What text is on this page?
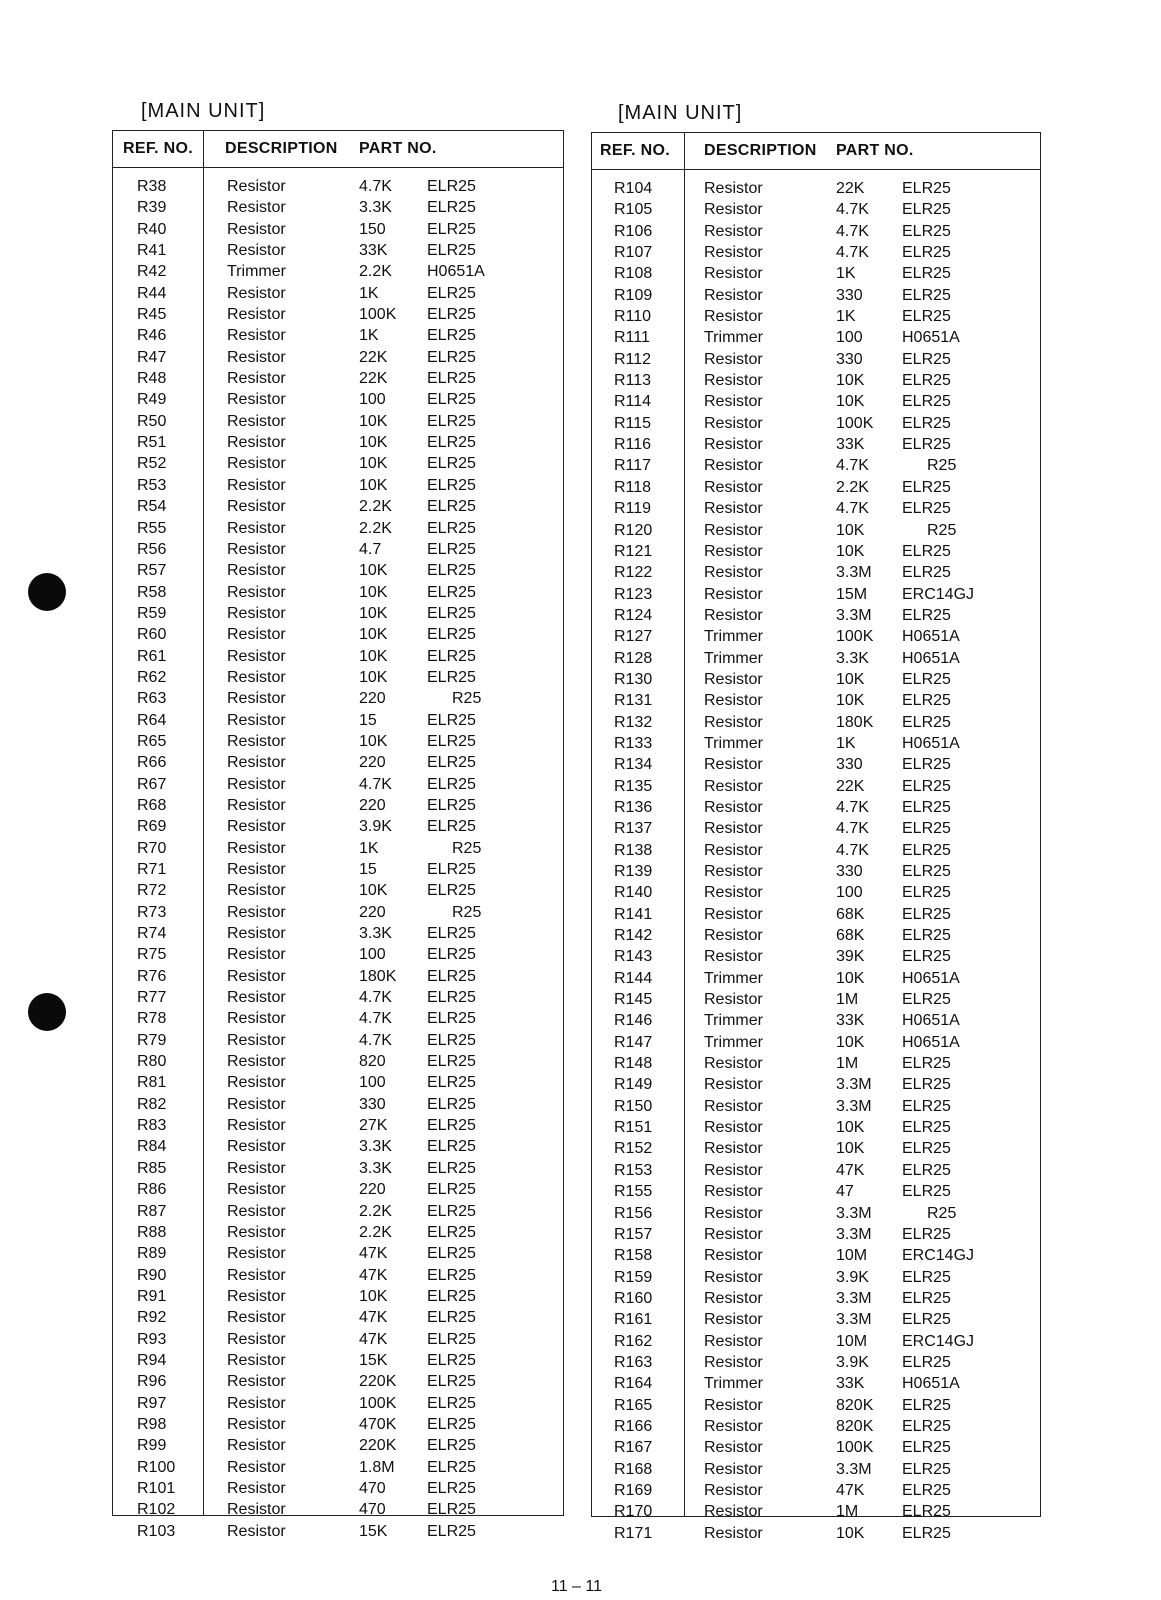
[MAIN UNIT]
REF. NO. DESCRIPTION PART NO.
R38	Resistor	4.7K ELR25
R39	Resistor	3.3K ELR25
R40	Resistor	150	ELR25
R41	Resistor	33K ELR25
R42	Trimmer	2.2K H0651A
R44	Resistor	1K	ELR25
R45	Resistor	100K ELR25
R46	Resistor	1K	ELR25
R47	Resistor	22K ELR25
R48	Resistor	22K ELR25
R49	Resistor	100	ELR25
R50	Resistor	10K ELR25
R51	Resistor	10K ELR25
R52	Resistor	10K ELR25
R53	Resistor	10K ELR25
R54	Resistor	2.2K ELR25
R55	Resistor	2.2K ELR25
R56	Resistor	4.7	ELR25
R57	Resistor	10K ELR25
R58	Resistor	10K ELR25
R59	Resistor	10K ELR25
R60	Resistor	10K ELR25
R61	Resistor	10K ELR25
R62	Resistor	10K ELR25
R63	Resistor	220	R25
R64	Resistor	15	ELR25
R65	Resistor	10K ELR25
R66	Resistor	220	ELR25
R67	Resistor	4.7K ELR25
R68	Resistor	220	ELR25
R69	Resistor	3.9K ELR25
R70	Resistor	1K	R25
R71	Resistor	15	ELR25
R72	Resistor	10K ELR25
R73	Resistor	220	R25
R74	Resistor	3.3K ELR25
R75	Resistor	100	ELR25
R76	Resistor	180K ELR25
R77	Resistor	4.7K ELR25
R78	Resistor	4.7K ELR25
R79	Resistor	4.7K ELR25
R80	Resistor	820	ELR25
R81	Resistor	100	ELR25
R82	Resistor	330	ELR25
R83	Resistor	27K ELR25
R84	Resistor	3.3K ELR25
R85	Resistor	3.3K ELR25
R86	Resistor	220	ELR25
R87	Resistor	2.2K ELR25
R88	Resistor	2.2K ELR25
R89	Resistor	47K ELR25
R90	Resistor	47K ELR25
R91	Resistor	10K ELR25
R92	Resistor	47K ELR25
R93	Resistor	47K ELR25
R94	Resistor	15K ELR25
R96	Resistor	220K ELR25
R97	Resistor	100K ELR25
R98	Resistor	470K ELR25
R99	Resistor	220K ELR25
R100	Resistor	1.8M ELR25
R101	Resistor	470	ELR25
R102	Resistor	470	ELR25
R103	Resistor	15K ELR25
[MAIN UNIT]
REF. NO. DESCRIPTION PART NO.
R104	Resistor	22K ELR25
R105	Resistor	4.7K ELR25
R106	Resistor	4.7K ELR25
R107	Resistor	4.7K ELR25
R108	Resistor	1K	ELR25
R109	Resistor	330 ELR25
R110	Resistor	1K	ELR25
R111	Trimmer	100 H0651A
R112	Resistor	330 ELR25
R113	Resistor	10K ELR25
R114	Resistor	10K ELR25
R115	Resistor	100K ELR25
R116	Resistor	33K ELR25
R117	Resistor	4.7K	R25
R118	Resistor	2.2K ELR25
R119	Resistor	4.7K ELR25
R120	Resistor	10K	R25
R121	Resistor	10K ELR25
R122	Resistor	3.3M ELR25
R123	Resistor	15M ERC14GJ
R124	Resistor	3.3M ELR25
R127	Trimmer	100K H0651A
R128	Trimmer	3.3K H0651A
R130	Resistor	10K ELR25
R131	Resistor	10K ELR25
R132	Resistor	180K ELR25
R133	Trimmer	1K	H0651A
R134	Resistor	330 ELR25
R135	Resistor	22K ELR25
R136	Resistor	4.7K ELR25
R137	Resistor	4.7K ELR25
R138	Resistor	4.7K ELR25
R139	Resistor	330 ELR25
R140	Resistor	100 ELR25
R141	Resistor	68K ELR25
R142	Resistor	68K ELR25
R143	Resistor	39K ELR25
R144	Trimmer	10K H0651A
R145	Resistor	1M	ELR25
R146	Trimmer	33K H0651A
R147	Trimmer	10K H0651A
R148	Resistor	1M	ELR25
R149	Resistor	3.3M ELR25
R150	Resistor	3.3M ELR25
R151	Resistor	10K ELR25
R152	Resistor	10K ELR25
R153	Resistor	47K ELR25
R155	Resistor	47	ELR25
R156	Resistor	3.3M	R25
R157	Resistor	3.3M ELR25
R158	Resistor	10M ERC14GJ
R159	Resistor	3.9K ELR25
R160	Resistor	3.3M ELR25
R161	Resistor	3.3M ELR25
R162	Resistor	10M ERC14GJ
R163	Resistor	3.9K ELR25
R164	Trimmer	33K H0651A
R165	Resistor	820K ELR25
R166	Resistor	820K ELR25
R167	Resistor	100K ELR25
R168	Resistor	3.3M ELR25
R169	Resistor	47K ELR25
R170	Resistor	1M	ELR25
R171	Resistor	10K ELR25
11 – 11
